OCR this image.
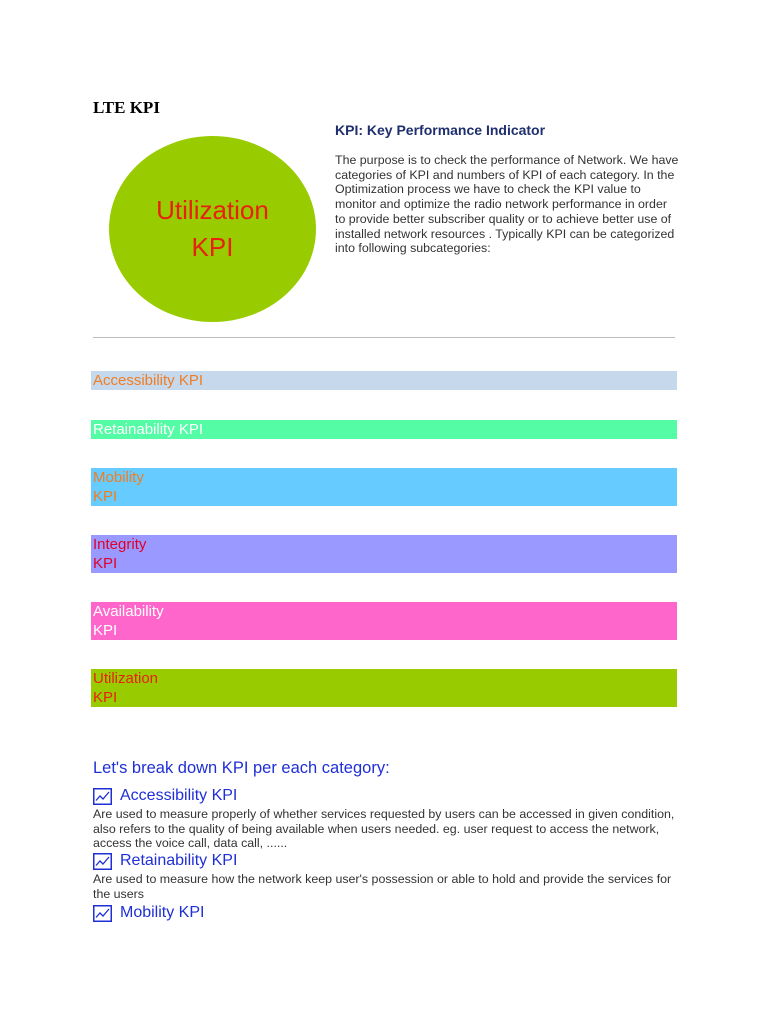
LTE KPI
Utilization
KPI
KPI: Key Performance Indicator
The purpose is to check the performance of Network. We have categories of KPI and numbers of KPI of each category. In the Optimization process we have to check the KPI value to monitor and optimize the radio network performance in order to provide better subscriber quality or to achieve better use of installed network resources . Typically KPI can be categorized into following subcategories:
Accessibility KPI
Retainability KPI
Mobility
KPI
Integrity
KPI
Availability
KPI
Utilization
KPI
Let's break down KPI per each category:
Accessibility KPI
Are used to measure properly of whether services requested by users can be accessed in given condition, also refers to the quality of being available when users needed. eg. user request to access the network, access the voice call, data call, ......
Retainability KPI
Are used to measure how the network keep user's possession or able to hold and provide the services for the users
Mobility KPI
